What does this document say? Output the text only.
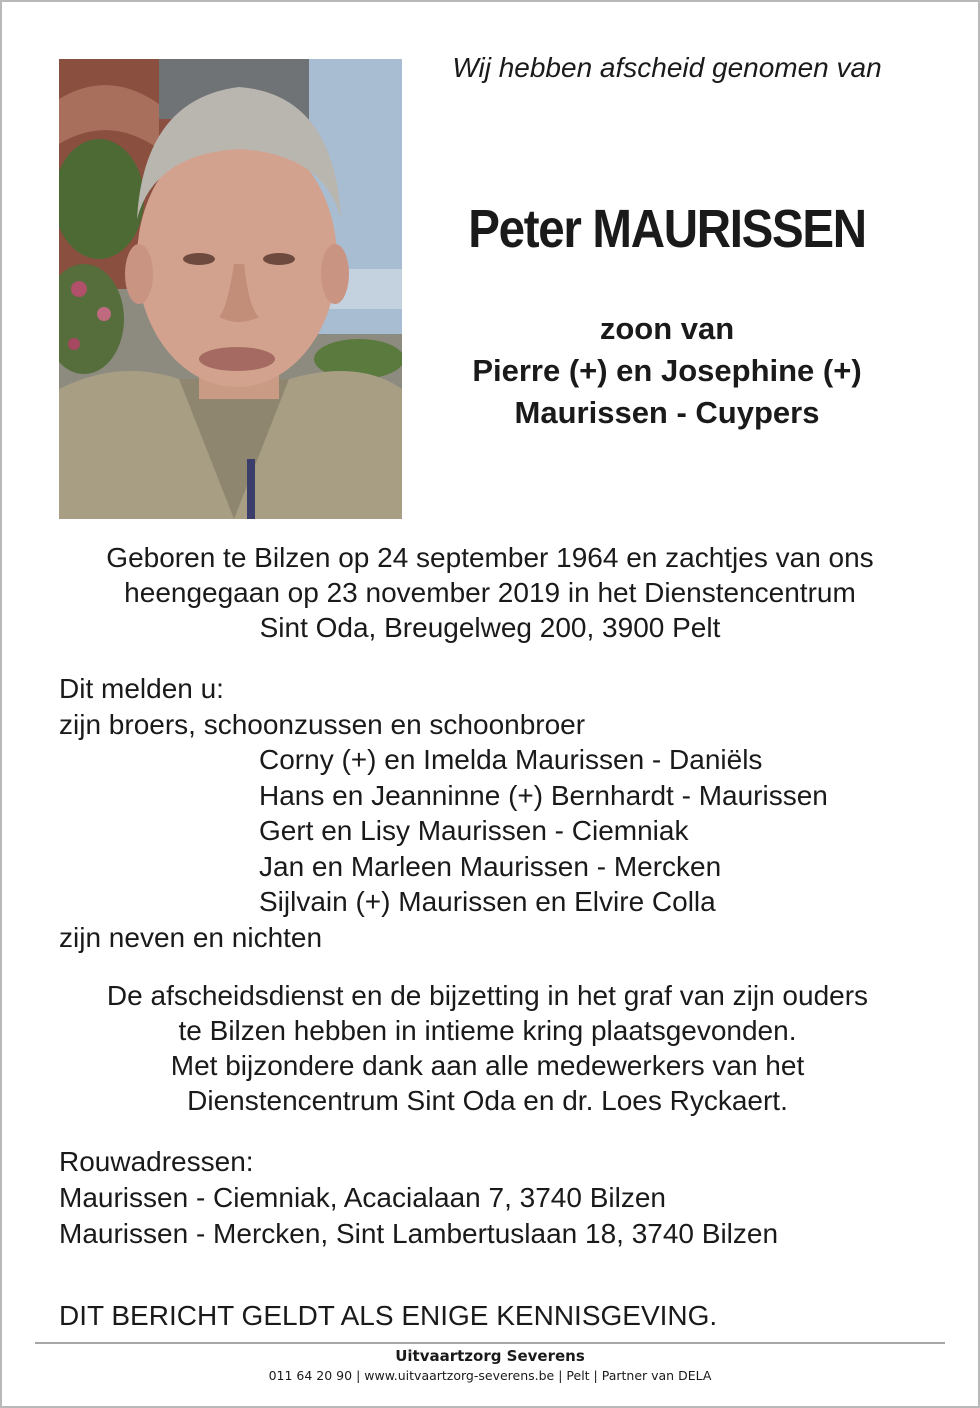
Wij hebben afscheid genomen van
Peter MAURISSEN
zoon van
Pierre (+) en Josephine (+)
Maurissen - Cuypers
Geboren te Bilzen op 24 september 1964 en zachtjes van ons
heengegaan op 23 november 2019 in het Dienstencentrum
Sint Oda, Breugelweg 200, 3900 Pelt
Dit melden u:
zijn broers, schoonzussen en schoonbroer
Corny (+) en Imelda Maurissen - Daniëls
Hans en Jeanninne (+) Bernhardt - Maurissen
Gert en Lisy Maurissen - Ciemniak
Jan en Marleen Maurissen - Mercken
Sijlvain (+) Maurissen en Elvire Colla
zijn neven en nichten
De afscheidsdienst en de bijzetting in het graf van zijn ouders
te Bilzen hebben in intieme kring plaatsgevonden.
Met bijzondere dank aan alle medewerkers van het
Dienstencentrum Sint Oda en dr. Loes Ryckaert.
Rouwadressen:
Maurissen - Ciemniak, Acacialaan 7, 3740 Bilzen
Maurissen - Mercken, Sint Lambertuslaan 18, 3740 Bilzen
DIT BERICHT GELDT ALS ENIGE KENNISGEVING.
Uitvaartzorg Severens
011 64 20 90 | www.uitvaartzorg-severens.be | Pelt | Partner van DELA
